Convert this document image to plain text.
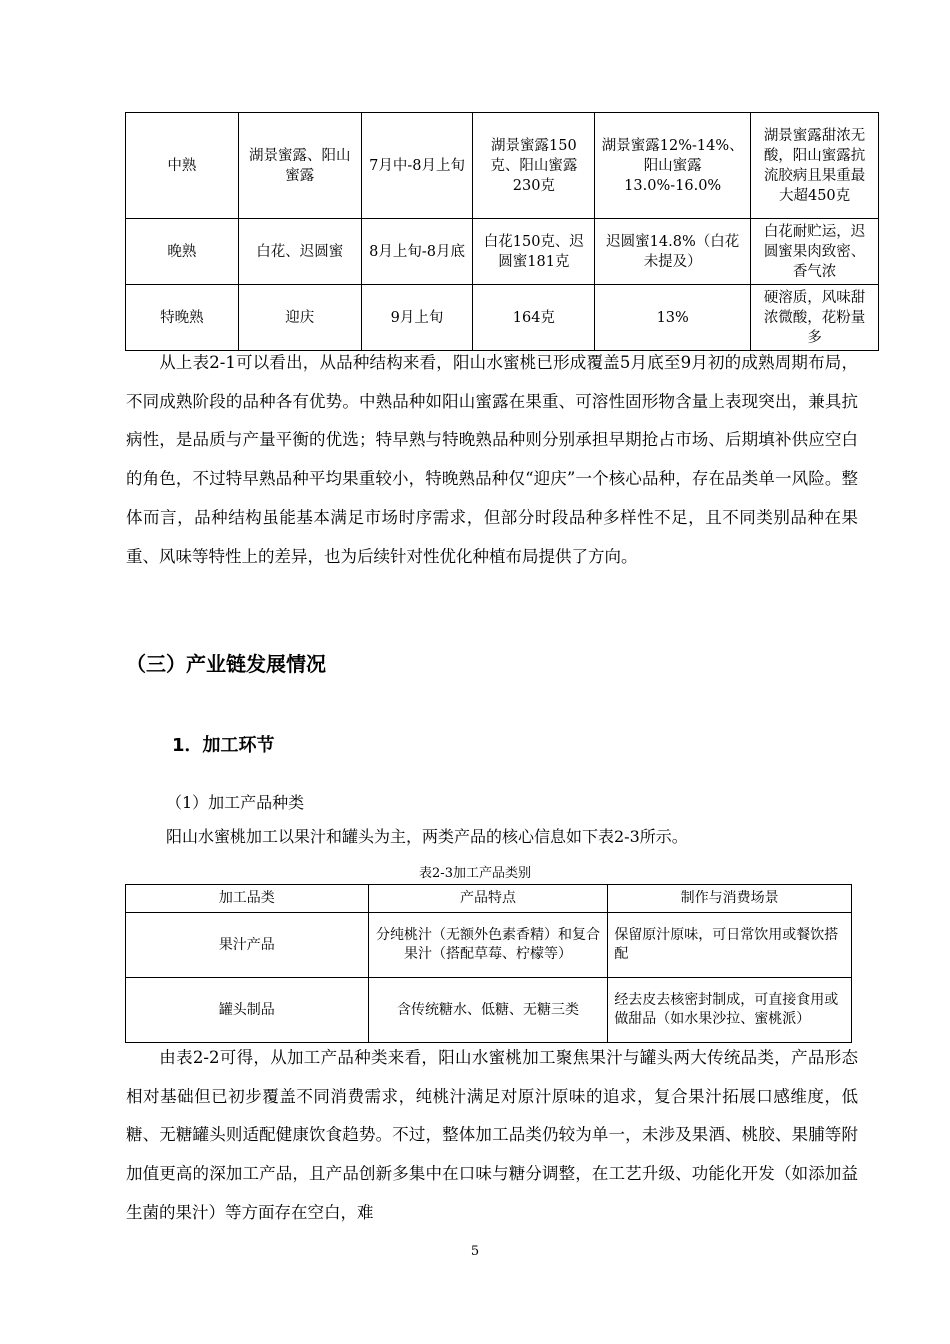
中熟	湖景蜜露、阳山蜜露	7月中-8月上旬	湖景蜜露150克、阳山蜜露230克	湖景蜜露12%-14%、阳山蜜露13.0%-16.0%	湖景蜜露甜浓无酸，阳山蜜露抗流胶病且果重最大超450克
晚熟	白花、迟圆蜜	8月上旬-8月底	白花150克、迟圆蜜181克	迟圆蜜14.8%（白花未提及）	白花耐贮运，迟圆蜜果肉致密、香气浓
特晚熟	迎庆	9月上旬	164克	13%	硬溶质，风味甜浓微酸，花粉量多
从上表2-1可以看出，从品种结构来看，阳山水蜜桃已形成覆盖5月底至9月初的成熟周期布局，不同成熟阶段的品种各有优势。中熟品种如阳山蜜露在果重、可溶性固形物含量上表现突出，兼具抗病性，是品质与产量平衡的优选；特早熟与特晚熟品种则分别承担早期抢占市场、后期填补供应空白的角色，不过特早熟品种平均果重较小，特晚熟品种仅“迎庆”一个核心品种，存在品类单一风险。整体而言，品种结构虽能基本满足市场时序需求，但部分时段品种多样性不足，且不同类别品种在果重、风味等特性上的差异，也为后续针对性优化种植布局提供了方向。
（三）产业链发展情况
1．加工环节
（1）加工产品种类
阳山水蜜桃加工以果汁和罐头为主，两类产品的核心信息如下表2-3所示。
表2-3加工产品类别
加工品类	产品特点	制作与消费场景
果汁产品	分纯桃汁（无额外色素香精）和复合果汁（搭配草莓、柠檬等）	保留原汁原味，可日常饮用或餐饮搭配
罐头制品	含传统糖水、低糖、无糖三类	经去皮去核密封制成，可直接食用或做甜品（如水果沙拉、蜜桃派）
由表2-2可得，从加工产品种类来看，阳山水蜜桃加工聚焦果汁与罐头两大传统品类，产品形态相对基础但已初步覆盖不同消费需求，纯桃汁满足对原汁原味的追求，复合果汁拓展口感维度，低糖、无糖罐头则适配健康饮食趋势。不过，整体加工品类仍较为单一，未涉及果酒、桃胶、果脯等附加值更高的深加工产品，且产品创新多集中在口味与糖分调整，在工艺升级、功能化开发（如添加益生菌的果汁）等方面存在空白，难
5
